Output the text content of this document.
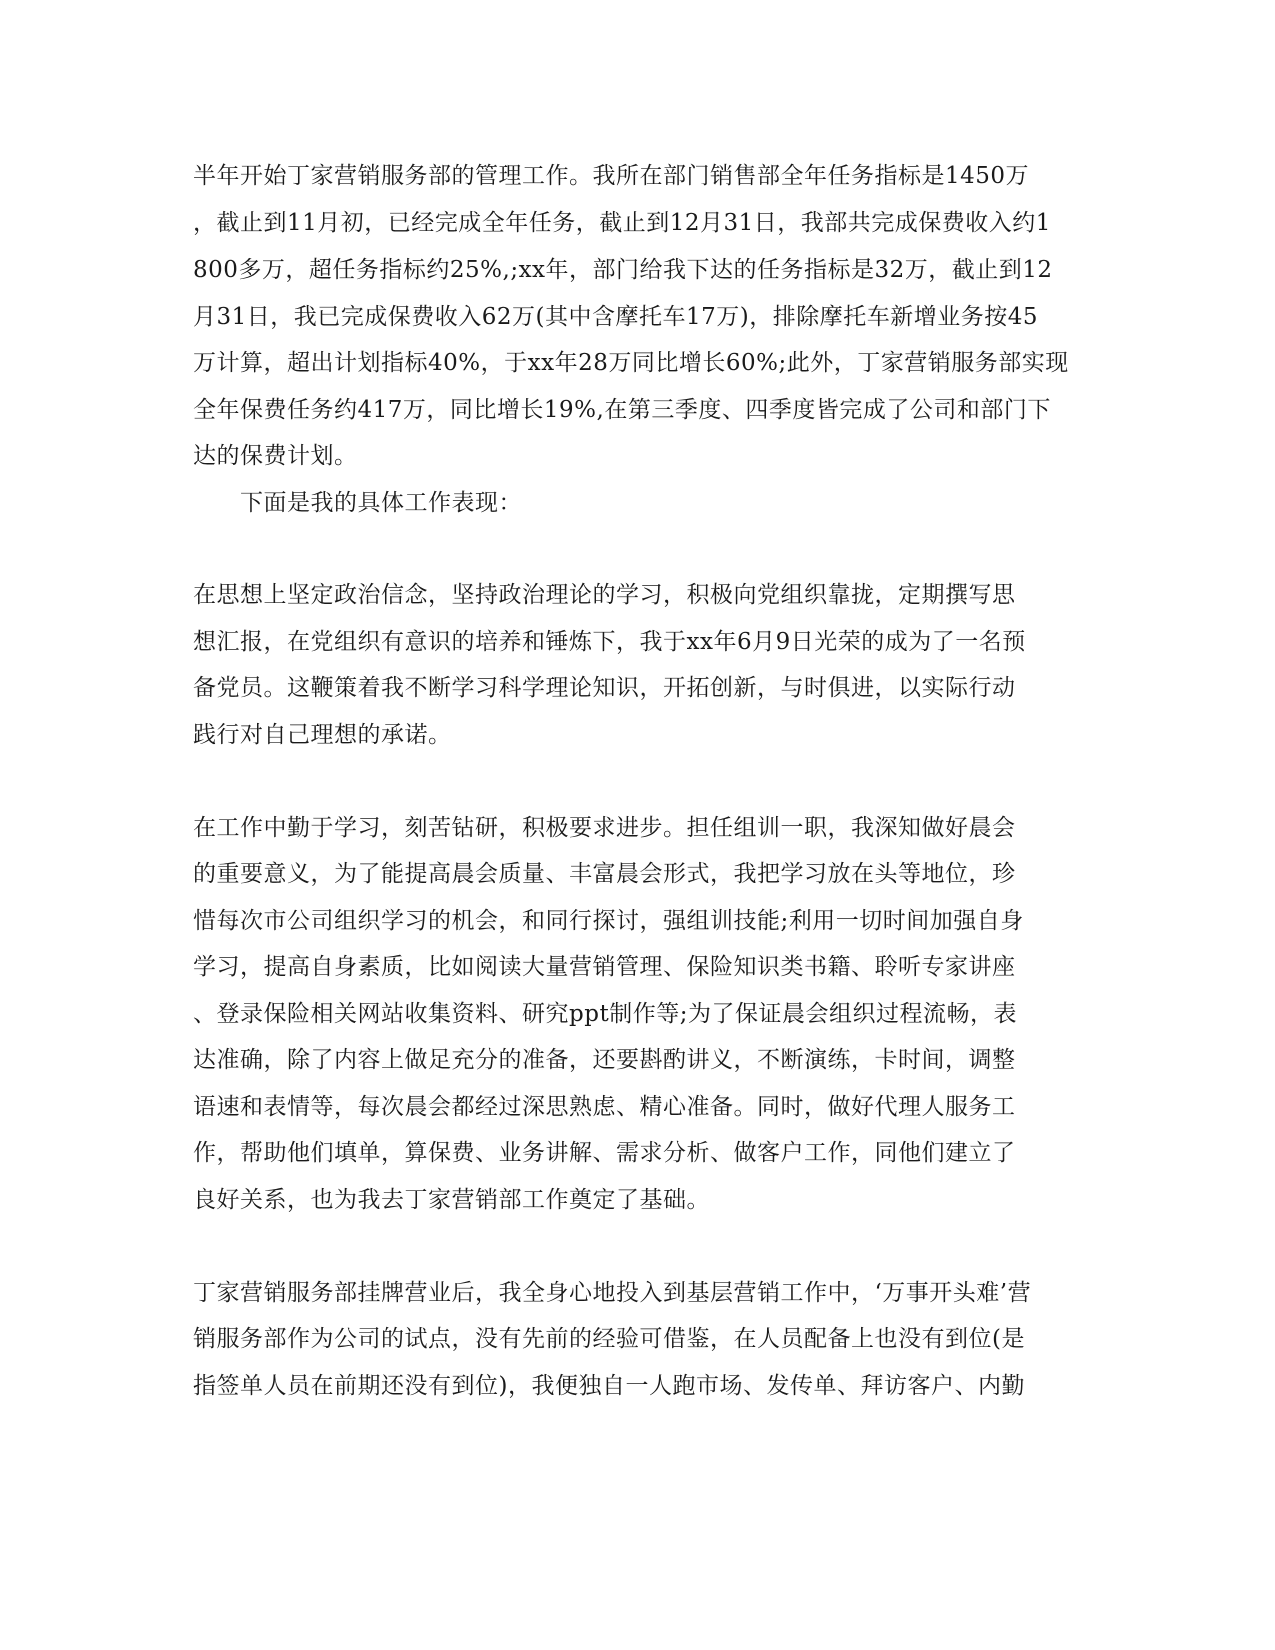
半年开始丁家营销服务部的管理工作。我所在部门销售部全年任务指标是1450万
，截止到11月初，已经完成全年任务，截止到12月31日，我部共完成保费收入约1
800多万，超任务指标约25%,;xx年，部门给我下达的任务指标是32万，截止到12
月31日，我已完成保费收入62万(其中含摩托车17万)，排除摩托车新增业务按45
万计算，超出计划指标40%，于xx年28万同比增长60%;此外，丁家营销服务部实现
全年保费任务约417万，同比增长19%,在第三季度、四季度皆完成了公司和部门下
达的保费计划。
下面是我的具体工作表现：
在思想上坚定政治信念，坚持政治理论的学习，积极向党组织靠拢，定期撰写思
想汇报，在党组织有意识的培养和锤炼下，我于xx年6月9日光荣的成为了一名预
备党员。这鞭策着我不断学习科学理论知识，开拓创新，与时俱进，以实际行动
践行对自己理想的承诺。
在工作中勤于学习，刻苦钻研，积极要求进步。担任组训一职，我深知做好晨会
的重要意义，为了能提高晨会质量、丰富晨会形式，我把学习放在头等地位，珍
惜每次市公司组织学习的机会，和同行探讨，强组训技能;利用一切时间加强自身
学习，提高自身素质，比如阅读大量营销管理、保险知识类书籍、聆听专家讲座
、登录保险相关网站收集资料、研究ppt制作等;为了保证晨会组织过程流畅，表
达准确，除了内容上做足充分的准备，还要斟酌讲义，不断演练，卡时间，调整
语速和表情等，每次晨会都经过深思熟虑、精心准备。同时，做好代理人服务工
作，帮助他们填单，算保费、业务讲解、需求分析、做客户工作，同他们建立了
良好关系，也为我去丁家营销部工作奠定了基础。
丁家营销服务部挂牌营业后，我全身心地投入到基层营销工作中，‘万事开头难’营
销服务部作为公司的试点，没有先前的经验可借鉴，在人员配备上也没有到位(是
指签单人员在前期还没有到位)，我便独自一人跑市场、发传单、拜访客户、内勤
